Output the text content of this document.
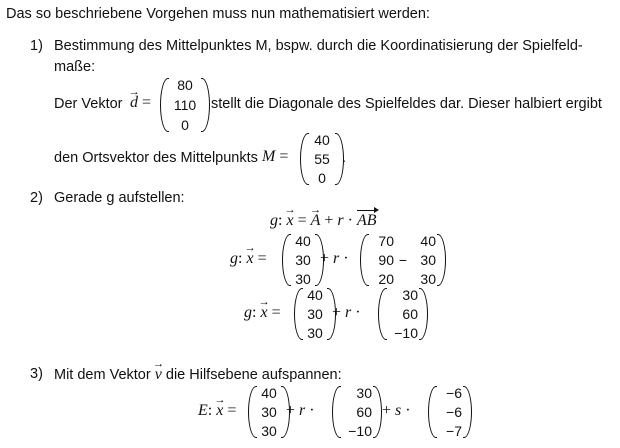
Das so beschriebene Vorgehen muss nun mathematisiert werden:
1) Bestimmung des Mittelpunktes M, bspw. durch die Koordinatisierung der Spielfeld-
maße:
Der Vektor → d =
80
110
0
stellt die Diagonale des Spielfeldes dar. Dieser halbiert ergibt
den Ortsvektor des Mittelpunkts M =
40
55
0
.
2) Gerade g aufstellen:
g: → x = → A + r · AB
g: → x =
40
30
30
+ r ·
70
90
20
−
40
30
30
g: → x =
40
30
30
+ r ·
30
60
−10
3) Mit dem Vektor → v die Hilfsebene aufspannen:
E: → x =
40
30
30
+ r ·
30
60
−10
+ s ·
−6
−6
−7
